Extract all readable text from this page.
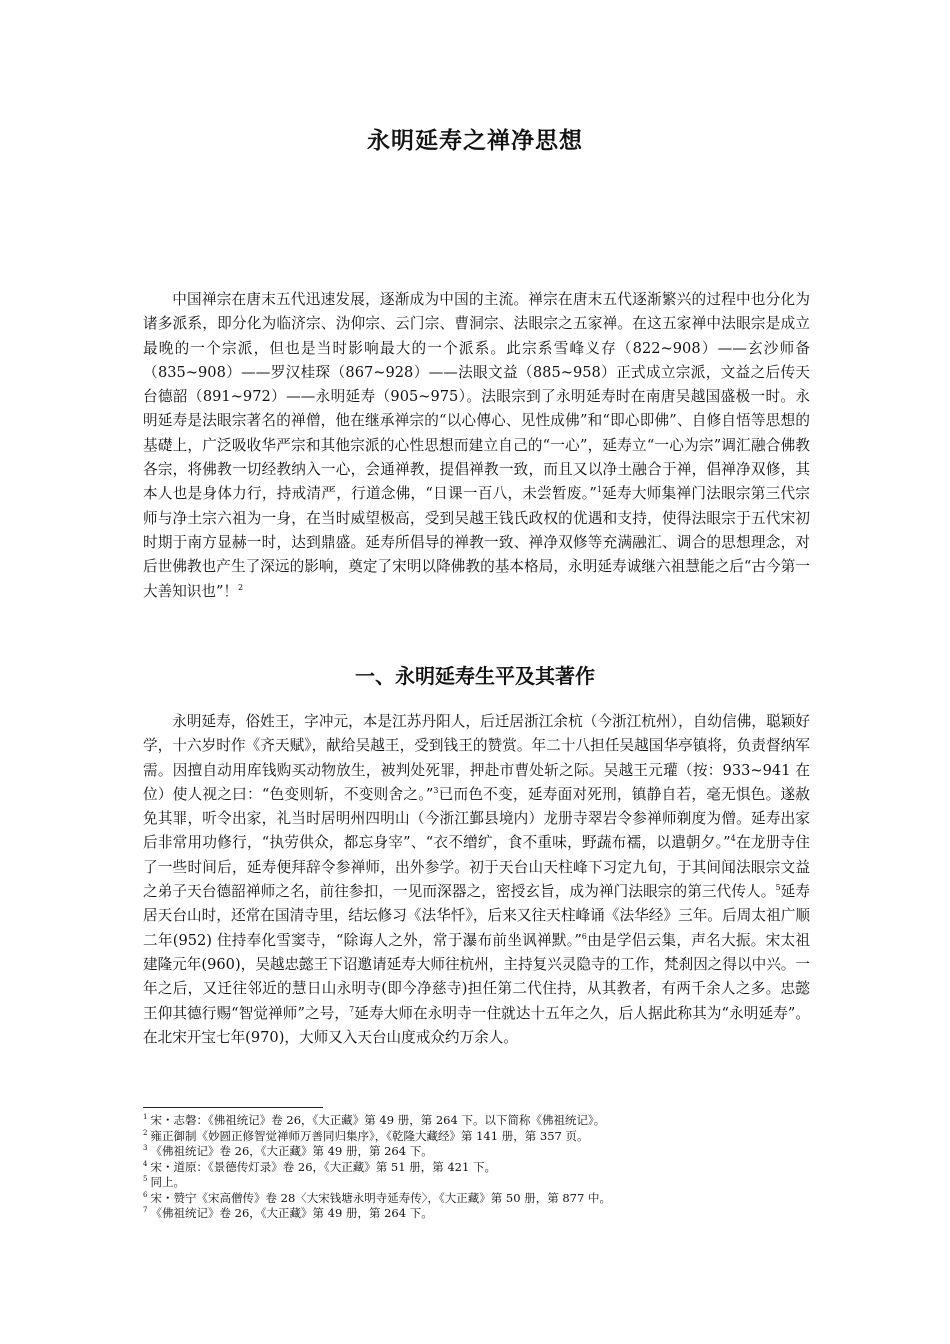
永明延寿之禅净思想

中国禅宗在唐末五代迅速发展，逐渐成为中国的主流。禅宗在唐末五代逐渐繁兴的过程中也分化为诸多派系，即分化为临济宗、沩仰宗、云门宗、曹洞宗、法眼宗之五家禅。在这五家禅中法眼宗是成立最晚的一个宗派，但也是当时影响最大的一个派系。此宗系雪峰义存（822~908）——玄沙师备（835~908）——罗汉桂琛（867~928）——法眼文益（885~958）正式成立宗派，文益之后传天台德韶（891~972）——永明延寿（905~975）。法眼宗到了永明延寿时在南唐吴越国盛极一时。永明延寿是法眼宗著名的禅僧，他在继承禅宗的“以心傳心、见性成佛”和“即心即佛”、自修自悟等思想的基礎上，广泛吸收华严宗和其他宗派的心性思想而建立自己的“一心”，延寿立“一心为宗”调汇融合佛教各宗，将佛教一切经教纳入一心，会通禅教，提倡禅教一致，而且又以净土融合于禅，倡禅净双修，其本人也是身体力行，持戒清严，行道念佛，“日课一百八，未尝暂废。”$^1$延寿大师集禅门法眼宗第三代宗师与净土宗六祖为一身，在当时威望极高，受到吴越王钱氏政权的优遇和支持，使得法眼宗于五代宋初时期于南方显赫一时，达到鼎盛。延寿所倡导的禅教一致、禅净双修等充满融汇、调合的思想理念，对后世佛教也产生了深远的影响，奠定了宋明以降佛教的基本格局，永明延寿诚继六祖慧能之后“古今第一大善知识也”！$^2$

一、永明延寿生平及其著作

永明延寿，俗姓王，字冲元，本是江苏丹阳人，后迁居浙江余杭（今浙江杭州），自幼信佛，聪颖好学，十六岁时作《齐天赋》，献给吴越王，受到钱王的赞赏。年二十八担任吴越国华亭镇将，负责督纳军需。因擅自动用库钱购买动物放生，被判处死罪，押赴市曹处斩之际。吴越王元瓘（按：933~941 在位）使人视之曰：“色变则斩，不变则舍之。”$^3$已而色不变，延寿面对死刑，镇静自若，毫无惧色。遂赦免其罪，听令出家，礼当时居明州四明山（今浙江鄞县境内）龙册寺翠岩令参禅师剃度为僧。延寿出家后非常用功修行，“执劳供众，都忘身宰”、“衣不缯纩，食不重味，野蔬布襦，以遣朝夕。”$^4$在龙册寺住了一些时间后，延寿便拜辞令参禅师，出外参学。初于天台山天柱峰下习定九旬，于其间闻法眼宗文益之弟子天台德韶禅师之名，前往参扣，一见而深器之，密授玄旨，成为禅门法眼宗的第三代传人。$^5$延寿居天台山时，还常在国清寺里，结坛修习《法华忏》，后来又往天柱峰诵《法华经》三年。后周太祖广顺二年(952) 住持奉化雪窦寺，“除诲人之外，常于瀑布前坐讽禅默。”$^6$由是学侣云集，声名大振。宋太祖建隆元年(960)，吴越忠懿王下诏邀请延寿大师往杭州，主持复兴灵隐寺的工作，梵刹因之得以中兴。一年之后，又迁往邻近的慧日山永明寺(即今净慈寺)担任第二代住持，从其教者，有两千余人之多。忠懿王仰其德行赐“智觉禅师”之号，$^7$延寿大师在永明寺一住就达十五年之久，后人据此称其为“永明延寿”。在北宋开宝七年(970)，大师又入天台山度戒众约万余人。

$^1$ 宋・志磐：《佛祖统记》卷 26，《大正藏》第 49 册，第 264 下。以下简称《佛祖统记》。

$^2$ 雍正御制《妙圆正修智觉禅师万善同归集序》，《乾隆大藏经》第 141 册，第 357 页。

$^3$ 《佛祖统记》卷 26，《大正藏》第 49 册，第 264 下。

$^4$ 宋・道原：《景德传灯录》卷 26，《大正藏》第 51 册，第 421 下。

$^5$ 同上。

$^6$ 宋・赞宁《宋高僧传》卷 28〈大宋钱塘永明寺延寿传〉，《大正藏》第 50 册，第 877 中。

$^7$ 《佛祖统记》卷 26，《大正藏》第 49 册，第 264 下。
